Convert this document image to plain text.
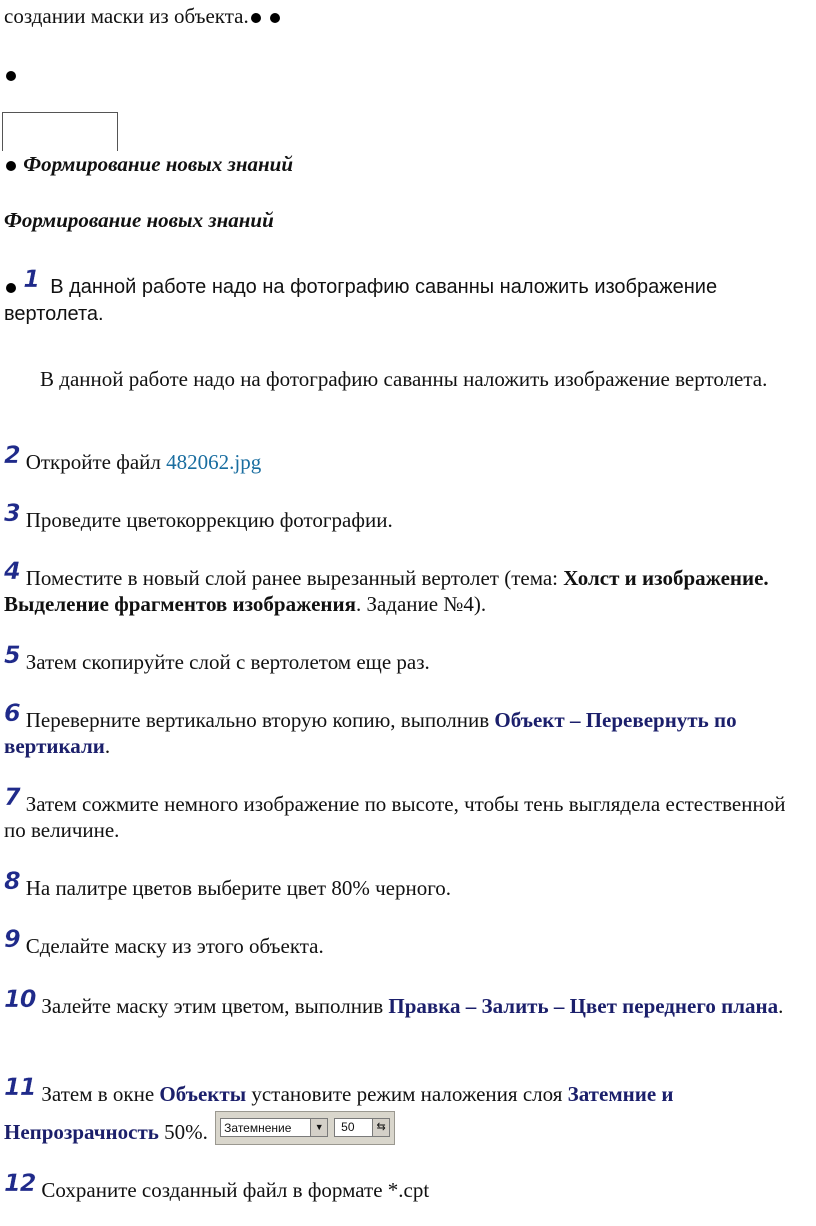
создании маски из объекта.
Формирование новых знаний
Формирование новых знаний
1 В данной работе надо на фотографию саванны наложить изображение вертолета.
В данной работе надо на фотографию саванны наложить изображение вертолета.
2 Откройте файл 482062.jpg
3 Проведите цветокоррекцию фотографии.
4 Поместите в новый слой ранее вырезанный вертолет (тема: Холст и изображение. Выделение фрагментов изображения. Задание №4).
5 Затем скопируйте слой с вертолетом еще раз.
6 Переверните вертикально вторую копию, выполнив Объект – Перевернуть по вертикали.
7 Затем сожмите немного изображение по высоте, чтобы тень выглядела естественной по величине.
8 На палитре цветов выберите цвет 80% черного.
9 Сделайте маску из этого объекта.
10 Залейте маску этим цветом, выполнив Правка – Залить – Цвет переднего плана.
11 Затем в окне Объекты установите режим наложения слоя Затемние и Непрозрачность 50%.	Затемнение	▼	50	⇆
12 Сохраните созданный файл в формате *.cpt
